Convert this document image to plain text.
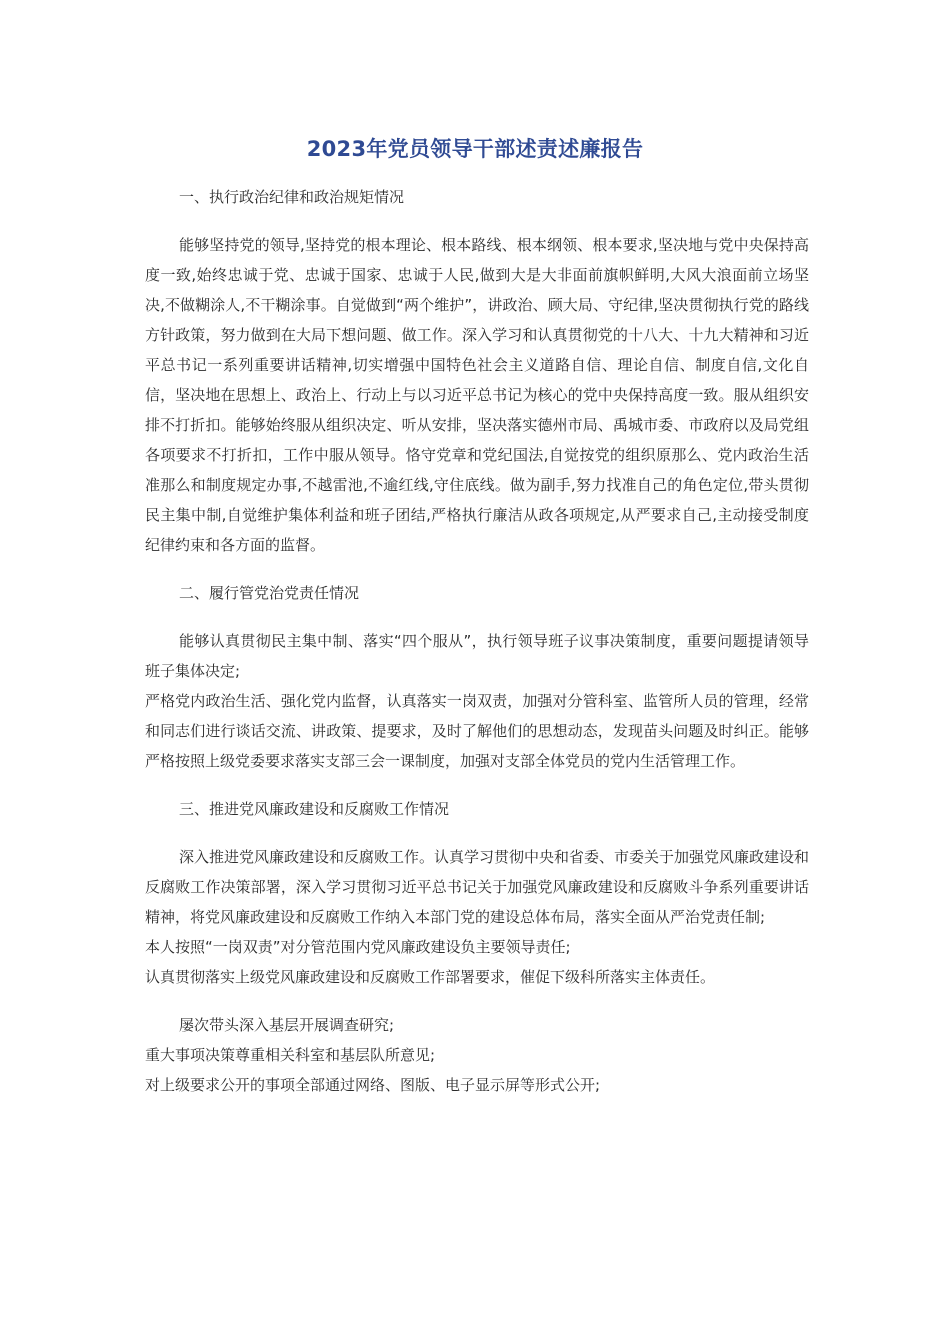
2023年党员领导干部述责述廉报告

一、执行政治纪律和政治规矩情况

能够坚持党的领导,坚持党的根本理论、根本路线、根本纲领、根本要求,坚决地与党中央保持高度一致,始终忠诚于党、忠诚于国家、忠诚于人民,做到大是大非面前旗帜鲜明,大风大浪面前立场坚决,不做糊涂人,不干糊涂事。自觉做到“两个维护”，讲政治、顾大局、守纪律,坚决贯彻执行党的路线方针政策，努力做到在大局下想问题、做工作。深入学习和认真贯彻党的十八大、十九大精神和习近平总书记一系列重要讲话精神,切实增强中国特色社会主义道路自信、理论自信、制度自信,文化自信，坚决地在思想上、政治上、行动上与以习近平总书记为核心的党中央保持高度一致。服从组织安排不打折扣。能够始终服从组织决定、听从安排，坚决落实德州市局、禹城市委、市政府以及局党组各项要求不打折扣，工作中服从领导。恪守党章和党纪国法,自觉按党的组织原那么、党内政治生活准那么和制度规定办事,不越雷池,不逾红线,守住底线。做为副手,努力找准自己的角色定位,带头贯彻民主集中制,自觉维护集体利益和班子团结,严格执行廉洁从政各项规定,从严要求自己,主动接受制度纪律约束和各方面的监督。

二、履行管党治党责任情况

能够认真贯彻民主集中制、落实“四个服从”，执行领导班子议事决策制度，重要问题提请领导班子集体决定;

严格党内政治生活、强化党内监督，认真落实一岗双责，加强对分管科室、监管所人员的管理，经常和同志们进行谈话交流、讲政策、提要求，及时了解他们的思想动态，发现苗头问题及时纠正。能够严格按照上级党委要求落实支部三会一课制度，加强对支部全体党员的党内生活管理工作。

三、推进党风廉政建设和反腐败工作情况

深入推进党风廉政建设和反腐败工作。认真学习贯彻中央和省委、市委关于加强党风廉政建设和反腐败工作决策部署，深入学习贯彻习近平总书记关于加强党风廉政建设和反腐败斗争系列重要讲话精神，将党风廉政建设和反腐败工作纳入本部门党的建设总体布局，落实全面从严治党责任制;

本人按照“一岗双责”对分管范围内党风廉政建设负主要领导责任;

认真贯彻落实上级党风廉政建设和反腐败工作部署要求，催促下级科所落实主体责任。

屡次带头深入基层开展调查研究;

重大事项决策尊重相关科室和基层队所意见;

对上级要求公开的事项全部通过网络、图版、电子显示屏等形式公开;
